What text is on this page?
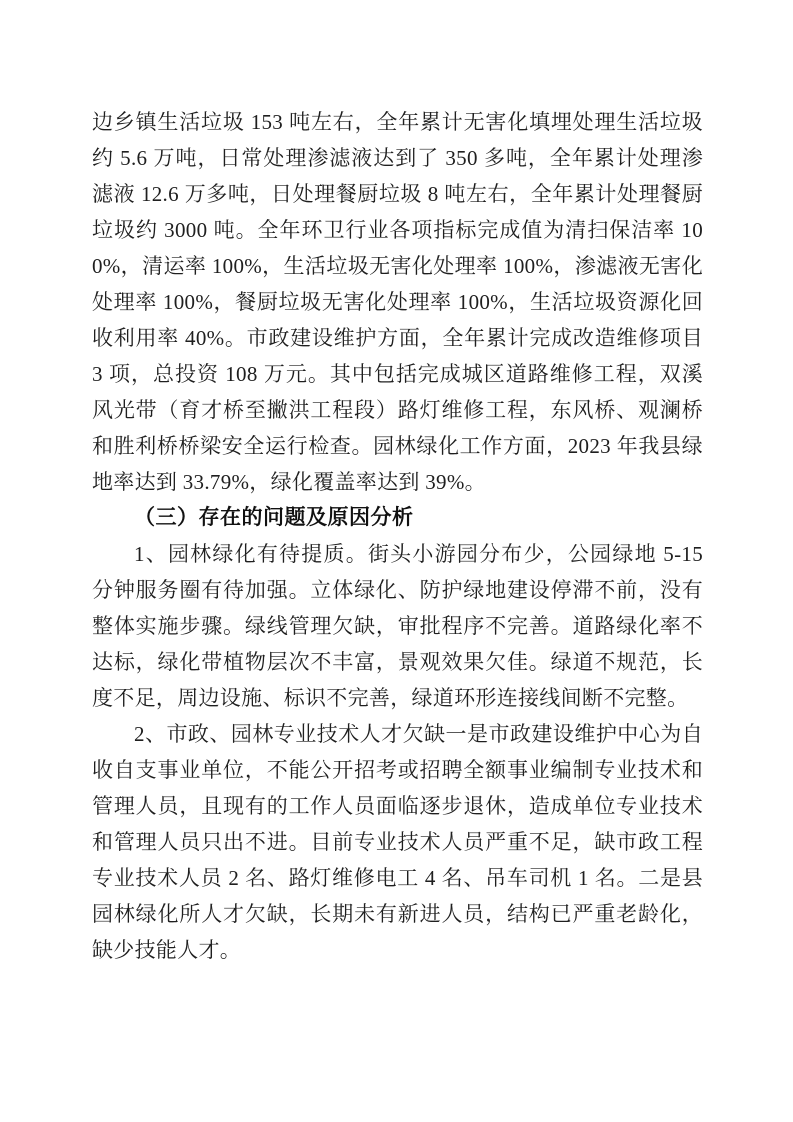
边乡镇生活垃圾 153 吨左右，全年累计无害化填埋处理生活垃圾约 5.6 万吨，日常处理渗滤液达到了 350 多吨，全年累计处理渗滤液 12.6 万多吨，日处理餐厨垃圾 8 吨左右，全年累计处理餐厨垃圾约 3000 吨。全年环卫行业各项指标完成值为清扫保洁率 100%，清运率 100%，生活垃圾无害化处理率 100%，渗滤液无害化处理率 100%，餐厨垃圾无害化处理率 100%，生活垃圾资源化回收利用率 40%。市政建设维护方面，全年累计完成改造维修项目 3 项，总投资 108 万元。其中包括完成城区道路维修工程，双溪风光带（育才桥至撇洪工程段）路灯维修工程，东风桥、观澜桥和胜利桥桥梁安全运行检查。园林绿化工作方面，2023 年我县绿地率达到 33.79%，绿化覆盖率达到 39%。

（三）存在的问题及原因分析

1、园林绿化有待提质。街头小游园分布少，公园绿地 5-15 分钟服务圈有待加强。立体绿化、防护绿地建设停滞不前，没有整体实施步骤。绿线管理欠缺，审批程序不完善。道路绿化率不达标，绿化带植物层次不丰富，景观效果欠佳。绿道不规范，长度不足，周边设施、标识不完善，绿道环形连接线间断不完整。

2、市政、园林专业技术人才欠缺一是市政建设维护中心为自收自支事业单位，不能公开招考或招聘全额事业编制专业技术和管理人员，且现有的工作人员面临逐步退休，造成单位专业技术和管理人员只出不进。目前专业技术人员严重不足，缺市政工程专业技术人员 2 名、路灯维修电工 4 名、吊车司机 1 名。二是县园林绿化所人才欠缺，长期未有新进人员，结构已严重老龄化，缺少技能人才。
